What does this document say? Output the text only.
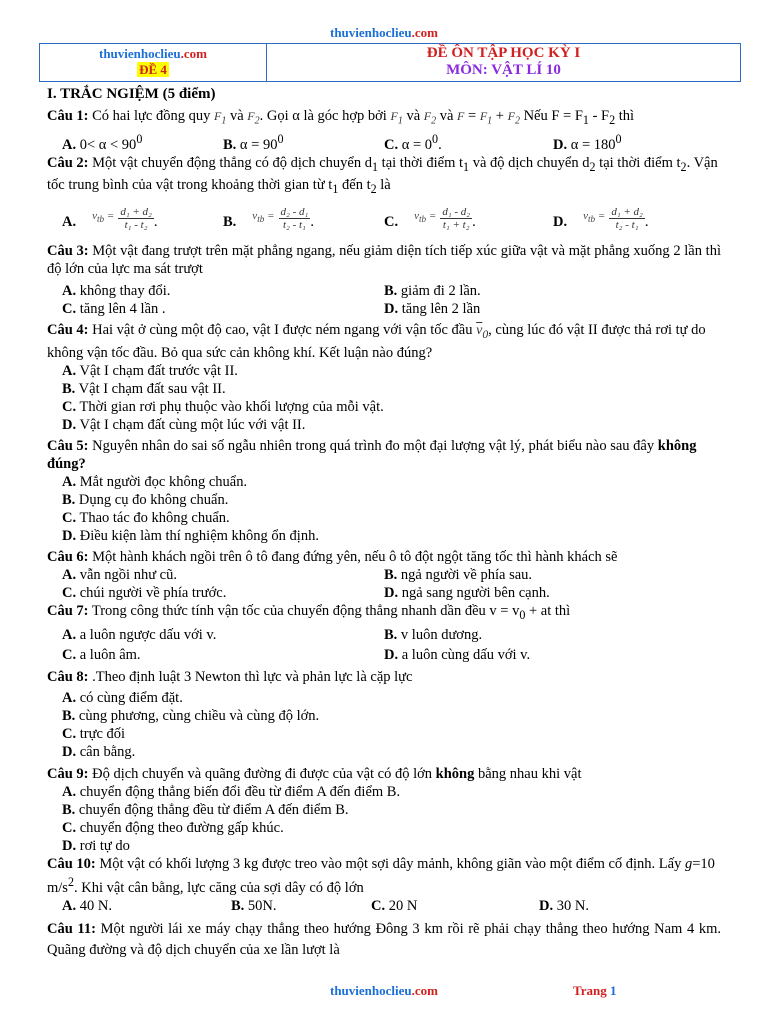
thuvienhoclieu.com
thuvienhoclieu.com
ĐỀ 4
ĐỀ ÔN TẬP HỌC KỲ I
MÔN: VẬT LÍ 10
I. TRẮC NGIỆM (5 điểm)
Câu 1: Có hai lực đồng quy $F_1$ và $F_2$. Gọi α là góc hợp bởi $F_1$ và $F_2$ và $F = F_1 + F_2$ Nếu $F = F_1 - F_2$ thì
A. $0< \alpha < 90^0$	B. $\alpha = 90^0$	C. $\alpha = 0^0$.	D. $\alpha = 180^0$
Câu 2: Một vật chuyển động thẳng có độ dịch chuyển $d_1$ tại thời điểm $t_1$ và độ dịch chuyển $d_2$ tại thời điểm $t_2$. Vận tốc trung bình của vật trong khoảng thời gian từ $t_1$ đến $t_2$ là
A. $v_{tb} = \frac{\text{d₁ + d₂}}{\text{t₁ - t₂}}$ .	B. $v_{tb} = \frac{\text{d₂ - d₁}}{\text{t₂ - t₁}}$ .	C. $v_{tb} = \frac{\text{d₁ - d₂}}{\text{t₁ + t₂}}$ .	D. $v_{tb} = \frac{\text{d₁ + d₂}}{\text{t₂ - t₁}}$ .
Câu 3: Một vật đang trượt trên mặt phẳng ngang, nếu giảm diện tích tiếp xúc giữa vật và mặt phẳng xuống 2 lần thì độ lớn của lực ma sát trượt
A. không thay đổi.	B. giảm đi 2 lần.
C. tăng lên 4 lần .	D. tăng lên 2 lần
Câu 4: Hai vật ở cùng một độ cao, vật I được ném ngang với vận tốc đầu $\overline{v}_0$, cùng lúc đó vật II được thả rơi tự do không vận tốc đầu. Bỏ qua sức cản không khí. Kết luận nào đúng?
A. Vật I chạm đất trước vật II.
B. Vật I chạm đất sau vật II.
C. Thời gian rơi phụ thuộc vào khối lượng của mỗi vật.
D. Vật I chạm đất cùng một lúc với vật II.
Câu 5: Nguyên nhân do sai số ngẫu nhiên trong quá trình đo một đại lượng vật lý, phát biểu nào sau đây không đúng?
A. Mắt người đọc không chuẩn.
B. Dụng cụ đo không chuẩn.
C. Thao tác đo không chuẩn.
D. Điều kiện làm thí nghiệm không ổn định.
Câu 6: Một hành khách ngồi trên ô tô đang đứng yên, nếu ô tô đột ngột tăng tốc thì hành khách sẽ
A. vẫn ngồi như cũ.	B. ngả người về phía sau.
C. chúi người về phía trước.	D. ngả sang người bên cạnh.
Câu 7: Trong công thức tính vận tốc của chuyển động thẳng nhanh dần đều $v = v_0$ + at thì
A. a luôn ngược dấu với v.	B. v luôn dương.
C. a luôn âm.	D. a luôn cùng dấu với v.
Câu 8: .Theo định luật 3 Newton thì lực và phản lực là cặp lực
A. có cùng điểm đặt.
B. cùng phương, cùng chiều và cùng độ lớn.
C. trực đối
D. cân bằng.
Câu 9: Độ dịch chuyển và quãng đường đi được của vật có độ lớn không bằng nhau khi vật
A. chuyển động thẳng biến đổi đều từ điểm A đến điểm B.
B. chuyển động thẳng đều từ điểm A đến điểm B.
C. chuyển động theo đường gấp khúc.
D. rơi tự do
Câu 10: Một vật có khối lượng 3 kg được treo vào một sợi dây mảnh, không giãn vào một điểm cố định. Lấy g=10 $m/s^2$. Khi vật cân bằng, lực căng của sợi dây có độ lớn
A. 40 N.	B. 50N.	C. 20 N	D. 30 N.
Câu 11: Một người lái xe máy chạy thẳng theo hướng Đông 3 km rồi rẽ phải chạy thẳng theo hướng Nam 4 km. Quãng đường và độ dịch chuyển của xe lần lượt là
thuvienhoclieu.com	Trang 1
